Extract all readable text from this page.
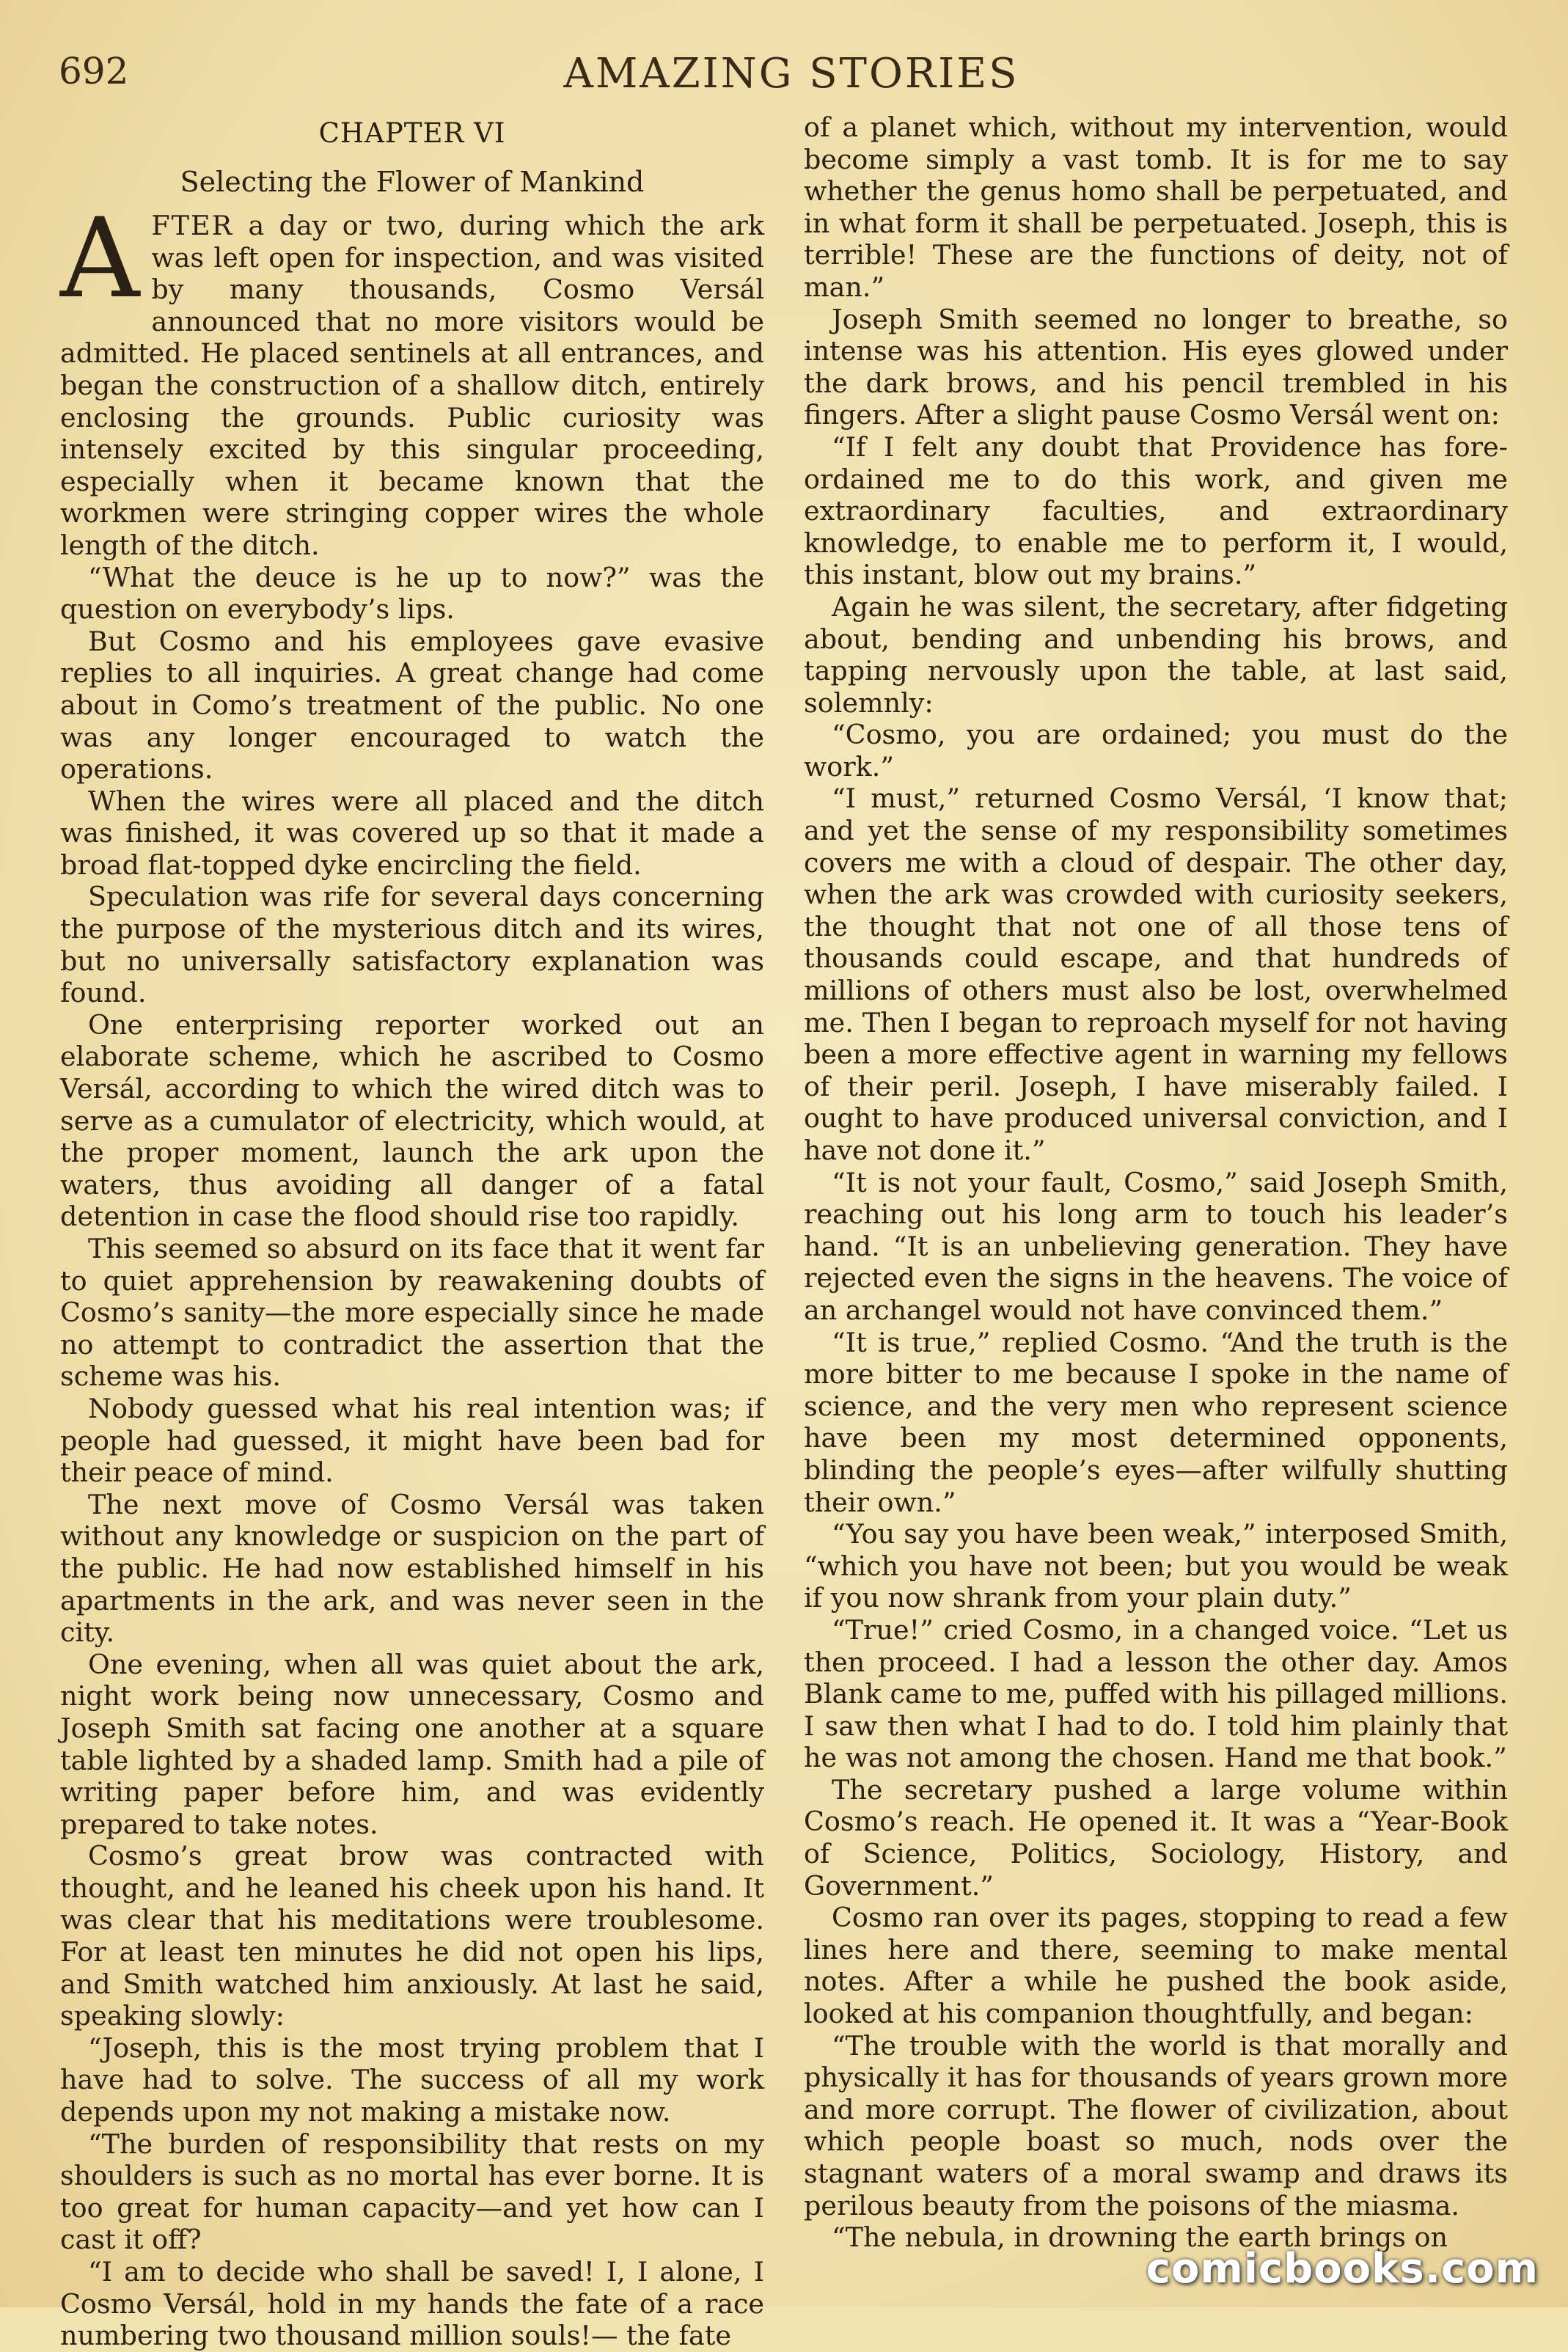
692	AMAZING STORIES
CHAPTER VI
Selecting the Flower of Mankind

AFTER a day or two, during which the ark was left open for inspection, and was visited by many thousands, Cosmo Versál announced that no more visitors would be admitted. He placed sentinels at all entrances, and began the construction of a shallow ditch, entirely enclosing the grounds. Public curiosity was intensely excited by this singular proceeding, especially when it became known that the workmen were stringing copper wires the whole length of the ditch.

“What the deuce is he up to now?” was the question on everybody’s lips.

But Cosmo and his employees gave evasive replies to all inquiries. A great change had come about in Como’s treatment of the public. No one was any longer encouraged to watch the operations.

When the wires were all placed and the ditch was finished, it was covered up so that it made a broad flat-topped dyke encircling the field.

Speculation was rife for several days concerning the purpose of the mysterious ditch and its wires, but no universally satisfactory explanation was found.

One enterprising reporter worked out an elaborate scheme, which he ascribed to Cosmo Versál, according to which the wired ditch was to serve as a cumulator of electricity, which would, at the proper moment, launch the ark upon the waters, thus avoiding all danger of a fatal detention in case the flood should rise too rapidly.

This seemed so absurd on its face that it went far to quiet apprehension by reawakening doubts of Cosmo’s sanity—the more especially since he made no attempt to contradict the assertion that the scheme was his.

Nobody guessed what his real intention was; if people had guessed, it might have been bad for their peace of mind.

The next move of Cosmo Versál was taken without any knowledge or suspicion on the part of the public. He had now established himself in his apartments in the ark, and was never seen in the city.

One evening, when all was quiet about the ark, night work being now unnecessary, Cosmo and Joseph Smith sat facing one another at a square table lighted by a shaded lamp. Smith had a pile of writing paper before him, and was evidently prepared to take notes.

Cosmo’s great brow was contracted with thought, and he leaned his cheek upon his hand. It was clear that his meditations were troublesome. For at least ten minutes he did not open his lips, and Smith watched him anxiously. At last he said, speaking slowly:

“Joseph, this is the most trying problem that I have had to solve. The success of all my work depends upon my not making a mistake now.

“The burden of responsibility that rests on my shoulders is such as no mortal has ever borne. It is too great for human capacity—and yet how can I cast it off?

“I am to decide who shall be saved! I, I alone, I Cosmo Versál, hold in my hands the fate of a race numbering two thousand million souls!— the fate

of a planet which, without my intervention, would become simply a vast tomb. It is for me to say whether the genus homo shall be perpetuated, and in what form it shall be perpetuated. Joseph, this is terrible! These are the functions of deity, not of man.”

Joseph Smith seemed no longer to breathe, so intense was his attention. His eyes glowed under the dark brows, and his pencil trembled in his fingers. After a slight pause Cosmo Versál went on:

“If I felt any doubt that Providence has fore-ordained me to do this work, and given me extraordinary faculties, and extraordinary knowledge, to enable me to perform it, I would, this instant, blow out my brains.”

Again he was silent, the secretary, after fidgeting about, bending and unbending his brows, and tapping nervously upon the table, at last said, solemnly:

“Cosmo, you are ordained; you must do the work.”

“I must,” returned Cosmo Versál, ‘I know that; and yet the sense of my responsibility sometimes covers me with a cloud of despair. The other day, when the ark was crowded with curiosity seekers, the thought that not one of all those tens of thousands could escape, and that hundreds of millions of others must also be lost, overwhelmed me. Then I began to reproach myself for not having been a more effective agent in warning my fellows of their peril. Joseph, I have miserably failed. I ought to have produced universal conviction, and I have not done it.”

“It is not your fault, Cosmo,” said Joseph Smith, reaching out his long arm to touch his leader’s hand. “It is an unbelieving generation. They have rejected even the signs in the heavens. The voice of an archangel would not have convinced them.”

“It is true,” replied Cosmo. “And the truth is the more bitter to me because I spoke in the name of science, and the very men who represent science have been my most determined opponents, blinding the people’s eyes—after wilfully shutting their own.”

“You say you have been weak,” interposed Smith, “which you have not been; but you would be weak if you now shrank from your plain duty.”

“True!” cried Cosmo, in a changed voice. “Let us then proceed. I had a lesson the other day. Amos Blank came to me, puffed with his pillaged millions. I saw then what I had to do. I told him plainly that he was not among the chosen. Hand me that book.”

The secretary pushed a large volume within Cosmo’s reach. He opened it. It was a “Year-Book of Science, Politics, Sociology, History, and Government.”

Cosmo ran over its pages, stopping to read a few lines here and there, seeming to make mental notes. After a while he pushed the book aside, looked at his companion thoughtfully, and began:

“The trouble with the world is that morally and physically it has for thousands of years grown more and more corrupt. The flower of civilization, about which people boast so much, nods over the stagnant waters of a moral swamp and draws its perilous beauty from the poisons of the miasma.

“The nebula, in drowning the earth brings on

comicbooks.com
